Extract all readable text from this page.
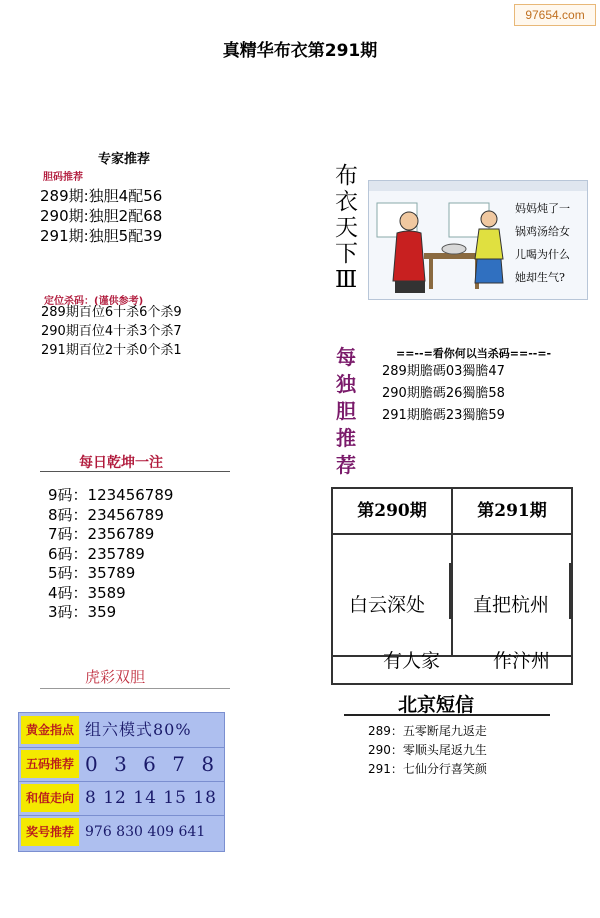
97654.com
真精华布衣第291期
专家推荐
胆码推荐
289期:独胆4配56
290期:独胆2配68
291期:独胆5配39
定位杀码：(谨供参考)
289期百位6十杀6个杀9
290期百位4十杀3个杀7
291期百位2十杀0个杀1
每日乾坤一注
9码：123456789
8码：23456789
7码：2356789
6码：235789
5码：35789
4码：3589
3码：359
虎彩双胆
黄金指点 组六模式80%
五码推荐 0 3 6 7 8
和值走向 8 12 14 15 18
奖号推荐 976 830 409 641
布
衣
天
下
Ⅲ
妈妈炖了一
锅鸡汤给女
儿喝为什么
她却生气?
每
独
胆
推
荐
==--=看你何以当杀码==--=-
289期膽碼03獨膽47
290期膽碼26獨膽58
291期膽碼23獨膽59
第290期	第291期
白云深处
有人家
直把杭州
作汴州
北京短信
289：五零断尾九返走
290：零顺头尾返九生
291：七仙分行喜笑颜
